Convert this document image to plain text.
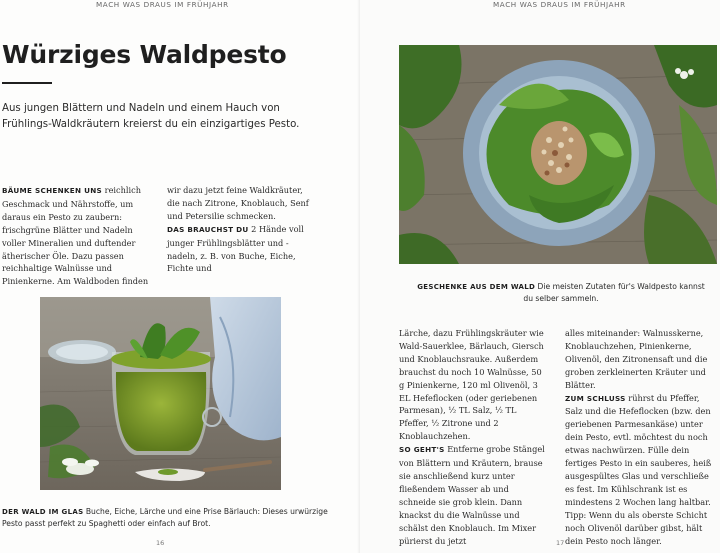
MACH WAS DRAUS IM FRÜHJAHR
Würziges Waldpesto

Aus jungen Blättern und Nadeln und einem Hauch von Frühlings-Waldkräutern kreierst du ein einzigartiges Pesto.

BÄUME SCHENKEN UNS reichlich Geschmack und Nährstoffe, um daraus ein Pesto zu zaubern: frischgrüne Blätter und Nadeln voller Mineralien und duftender ätherischer Öle. Dazu passen reichhaltige Walnüsse und Pinienkerne. Am Waldboden finden
wir dazu jetzt feine Waldkräuter, die nach Zitrone, Knoblauch, Senf und Petersilie schmecken.
DAS BRAUCHST DU 2 Hände voll junger Frühlingsblätter und -nadeln, z. B. von Buche, Eiche, Fichte und
DER WALD IM GLAS Buche, Eiche, Lärche und eine Prise Bärlauch: Dieses urwürzige Pesto passt perfekt zu Spaghetti oder einfach auf Brot.
16
MACH WAS DRAUS IM FRÜHJAHR
GESCHENKE AUS DEM WALD Die meisten Zutaten für's Waldpesto kannst du selber sammeln.
Lärche, dazu Frühlingskräuter wie Wald-Sauerklee, Bärlauch, Giersch und Knoblauchsrauke. Außerdem brauchst du noch 10 Walnüsse, 50 g Pinienkerne, 120 ml Olivenöl, 3 EL Hefeflocken (oder geriebenen Parmesan), ½ TL Salz, ½ TL Pfeffer, ½ Zitrone und 2 Knoblauchzehen.
SO GEHT'S Entferne grobe Stängel von Blättern und Kräutern, brause sie anschließend kurz unter fließendem Wasser ab und schneide sie grob klein. Dann knackst du die Walnüsse und schälst den Knoblauch. Im Mixer pürierst du jetzt
alles miteinander: Walnusskerne, Knoblauchzehen, Pinienkerne, Olivenöl, den Zitronensaft und die groben zerkleinerten Kräuter und Blätter.
ZUM SCHLUSS rührst du Pfeffer, Salz und die Hefeflocken (bzw. den geriebenen Parmesankäse) unter dein Pesto, evtl. möchtest du noch etwas nachwürzen. Fülle dein fertiges Pesto in ein sauberes, heiß ausgespültes Glas und verschließe es fest. Im Kühlschrank ist es mindestens 2 Wochen lang haltbar. Tipp: Wenn du als oberste Schicht noch Olivenöl darüber gibst, hält dein Pesto noch länger.
17
